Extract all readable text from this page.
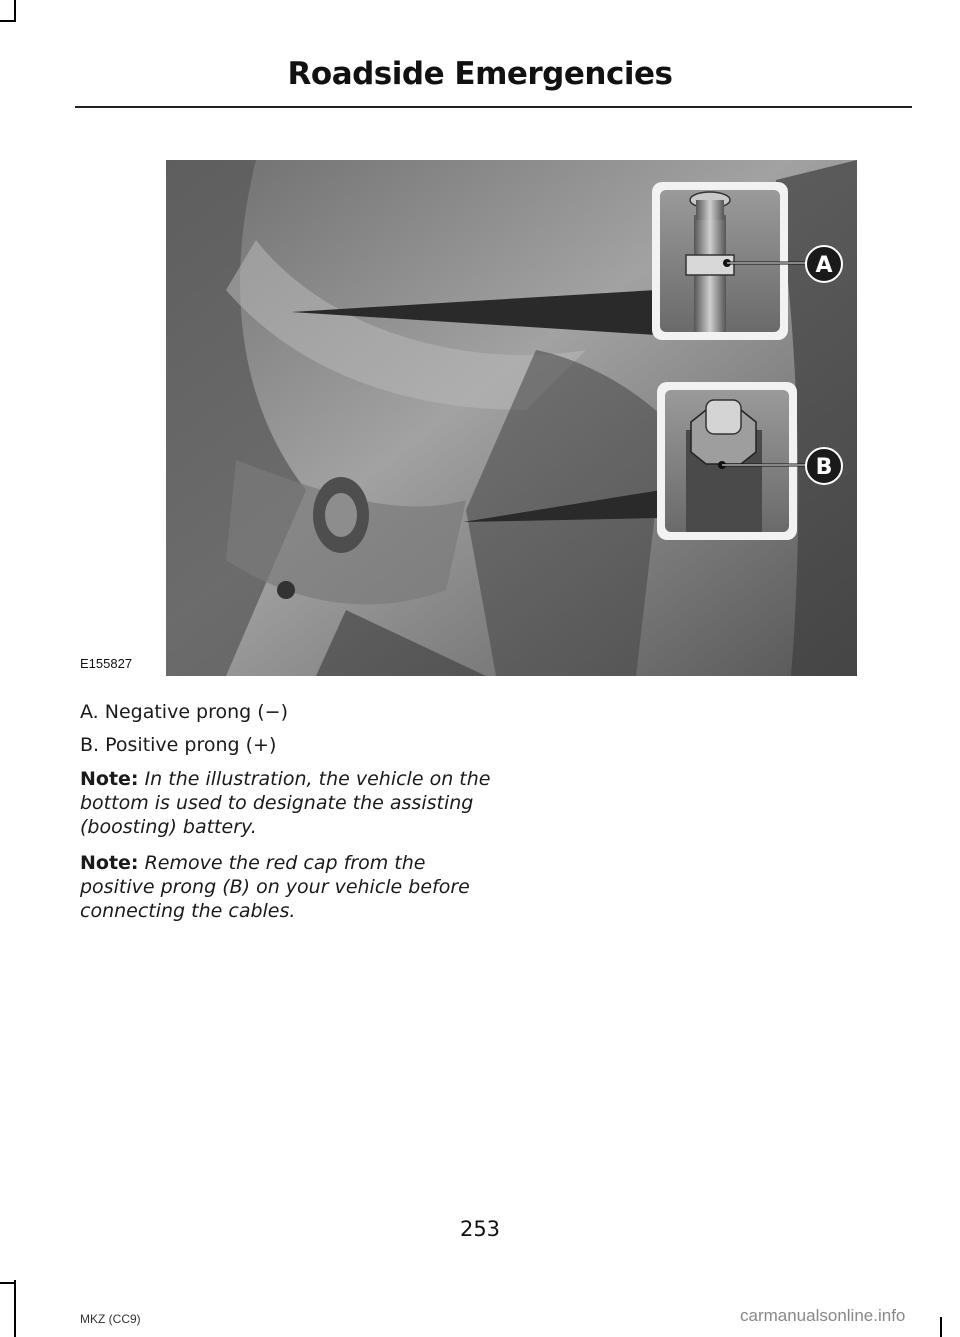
Roadside Emergencies
A
B
E155827

A. Negative prong (−)

B. Positive prong (+)

Note: In the illustration, the vehicle on the bottom is used to designate the assisting (boosting) battery.

Note: Remove the red cap from the positive prong (B) on your vehicle before connecting the cables.

253
MKZ (CC9)	carmanualsonline.info
